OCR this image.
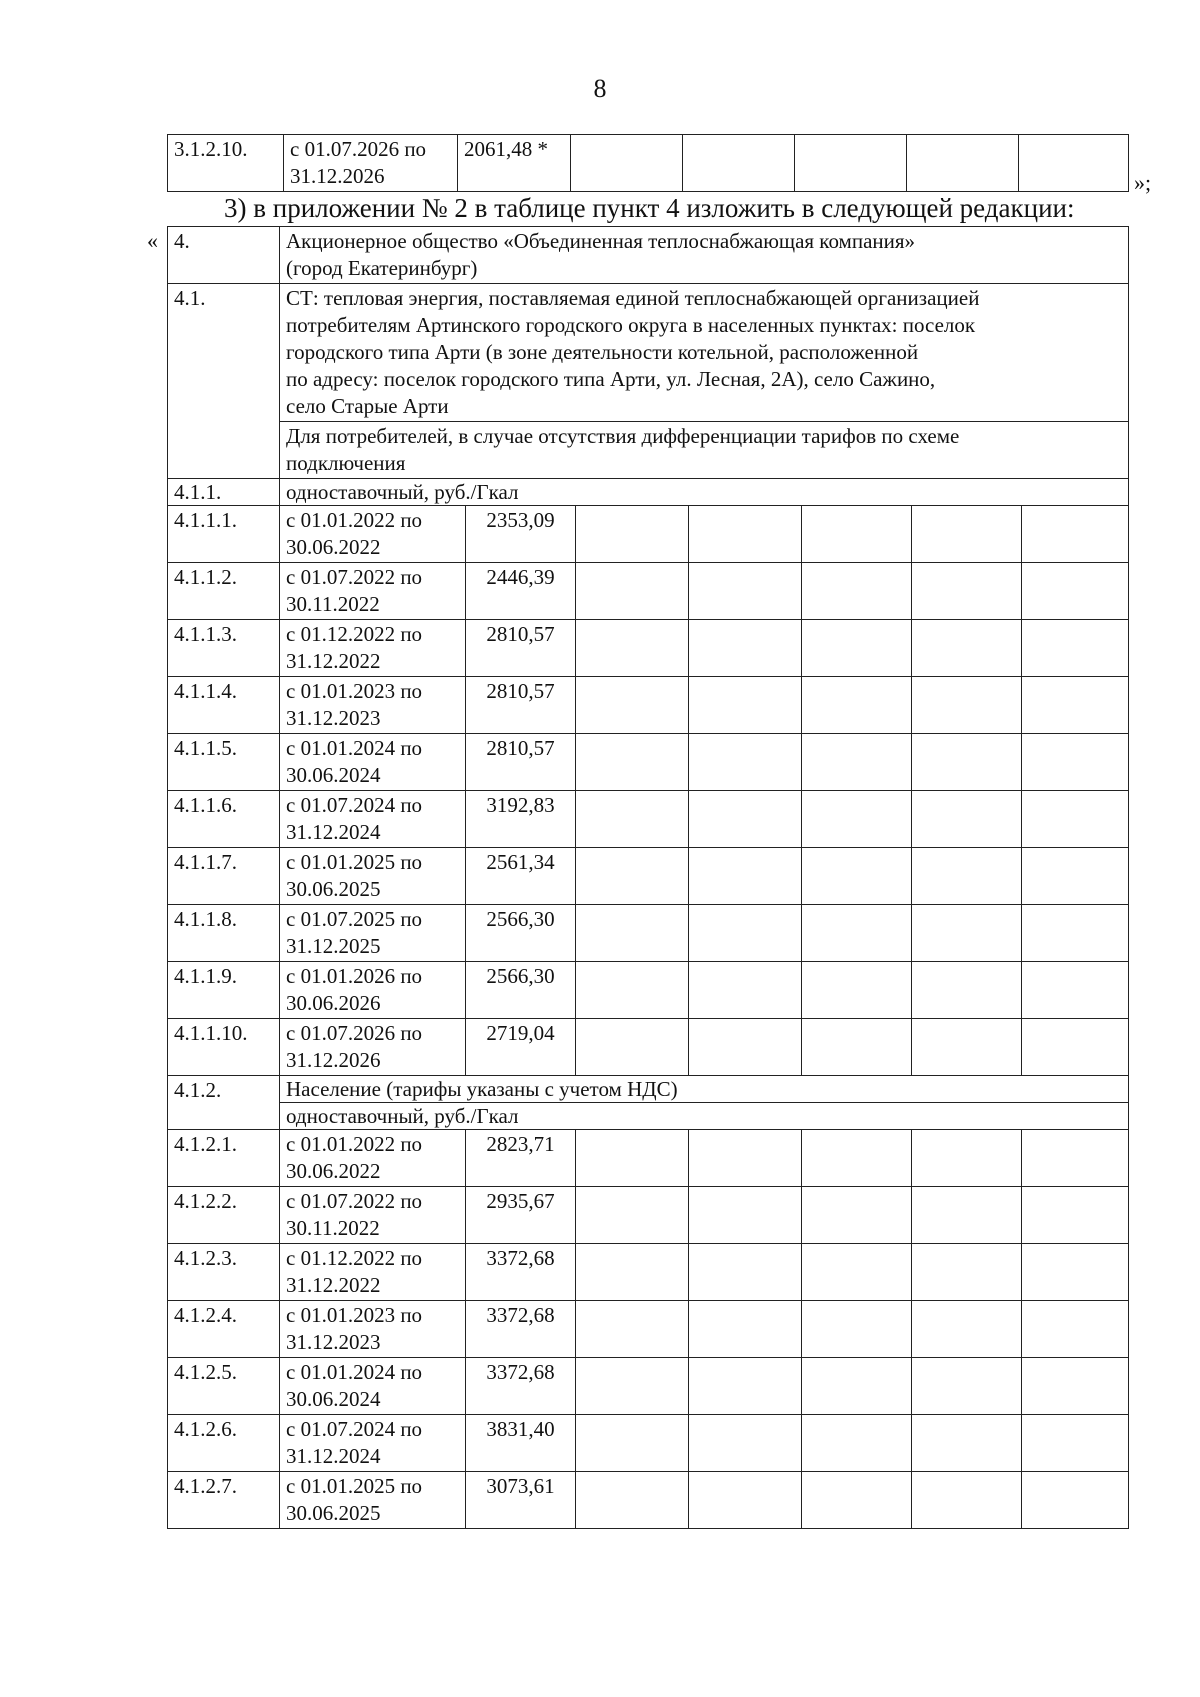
8
3.1.2.10.	с 01.07.2026 по
31.12.2026
	2061,48 *					
»;
3) в приложении № 2 в таблице пункт 4 изложить в следующей редакции:
« 4.	Акционерное общество «Объединенная теплоснабжающая компания»
(город Екатеринбург)						

4.1.	СТ: тепловая энергия, поставляемая единой теплоснабжающей организацией
потребителям Артинского городского округа в населенных пунктах: поселок
городского типа Арти (в зоне деятельности котельной, расположенной
по адресу: поселок городского типа Арти, ул. Лесная, 2А), село Сажино,
село Старые Арти						

	Для потребителей, в случае отсутствия дифференциации тарифов по схеме
подключения						

4.1.1.	одноставочный, руб./Гкал						
4.1.1.1.	с 01.01.2022 по
30.06.2022	2353,09					
4.1.1.2.	с 01.07.2022 по
30.11.2022	2446,39					
4.1.1.3.	с 01.12.2022 по
31.12.2022	2810,57					
4.1.1.4.	с 01.01.2023 по
31.12.2023	2810,57					
4.1.1.5.	с 01.01.2024 по
30.06.2024	2810,57					
4.1.1.6.	с 01.07.2024 по
31.12.2024	3192,83					
4.1.1.7.	с 01.01.2025 по
30.06.2025	2561,34					
4.1.1.8.	с 01.07.2025 по
31.12.2025	2566,30					
4.1.1.9.	с 01.01.2026 по
30.06.2026	2566,30					
4.1.1.10.	с 01.07.2026 по
31.12.2026	2719,04					
4.1.2.	Население (тарифы указаны с учетом НДС)						
	одноставочный, руб./Гкал						
4.1.2.1.	с 01.01.2022 по
30.06.2022	2823,71					
4.1.2.2.	с 01.07.2022 по
30.11.2022	2935,67					
4.1.2.3.	с 01.12.2022 по
31.12.2022	3372,68					
4.1.2.4.	с 01.01.2023 по
31.12.2023	3372,68					
4.1.2.5.	с 01.01.2024 по
30.06.2024	3372,68					
4.1.2.6.	с 01.07.2024 по
31.12.2024	3831,40					
4.1.2.7.	с 01.01.2025 по
30.06.2025	3073,61					
